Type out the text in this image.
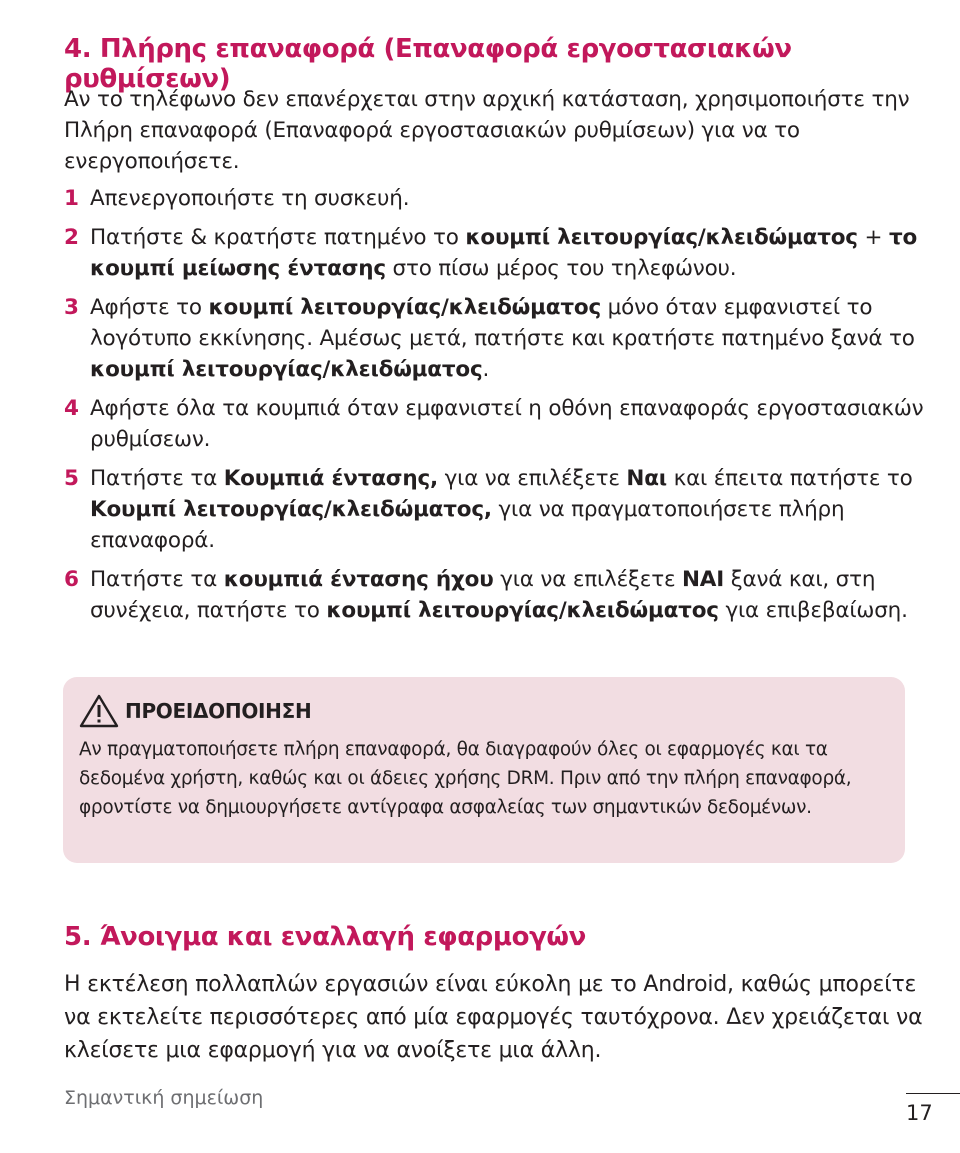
4. Πλήρης επαναφορά (Επαναφορά εργοστασιακών ρυθμίσεων)

Αν το τηλέφωνο δεν επανέρχεται στην αρχική κατάσταση, χρησιμοποιήστε την Πλήρη επαναφορά (Επαναφορά εργοστασιακών ρυθμίσεων) για να το ενεργοποιήσετε.

1 Απενεργοποιήστε τη συσκευή.
2 Πατήστε & κρατήστε πατημένο το κουμπί λειτουργίας/κλειδώματος + το κουμπί μείωσης έντασης στο πίσω μέρος του τηλεφώνου.
3 Αφήστε το κουμπί λειτουργίας/κλειδώματος μόνο όταν εμφανιστεί το λογότυπο εκκίνησης. Αμέσως μετά, πατήστε και κρατήστε πατημένο ξανά το κουμπί λειτουργίας/κλειδώματος.
4 Αφήστε όλα τα κουμπιά όταν εμφανιστεί η οθόνη επαναφοράς εργοστασιακών ρυθμίσεων.
5 Πατήστε τα Κουμπιά έντασης, για να επιλέξετε Ναι και έπειτα πατήστε το Κουμπί λειτουργίας/κλειδώματος, για να πραγματοποιήσετε πλήρη επαναφορά.
6 Πατήστε τα κουμπιά έντασης ήχου για να επιλέξετε ΝΑΙ ξανά και, στη συνέχεια, πατήστε το κουμπί λειτουργίας/κλειδώματος για επιβεβαίωση.
ΠΡΟΕΙΔΟΠΟΙΗΣΗ

Αν πραγματοποιήσετε πλήρη επαναφορά, θα διαγραφούν όλες οι εφαρμογές και τα δεδομένα χρήστη, καθώς και οι άδειες χρήσης DRM. Πριν από την πλήρη επαναφορά, φροντίστε να δημιουργήσετε αντίγραφα ασφαλείας των σημαντικών δεδομένων.

5. Άνοιγμα και εναλλαγή εφαρμογών

Η εκτέλεση πολλαπλών εργασιών είναι εύκολη με το Android, καθώς μπορείτε να εκτελείτε περισσότερες από μία εφαρμογές ταυτόχρονα. Δεν χρειάζεται να κλείσετε μια εφαρμογή για να ανοίξετε μια άλλη.

Σημαντική σημείωση
17
